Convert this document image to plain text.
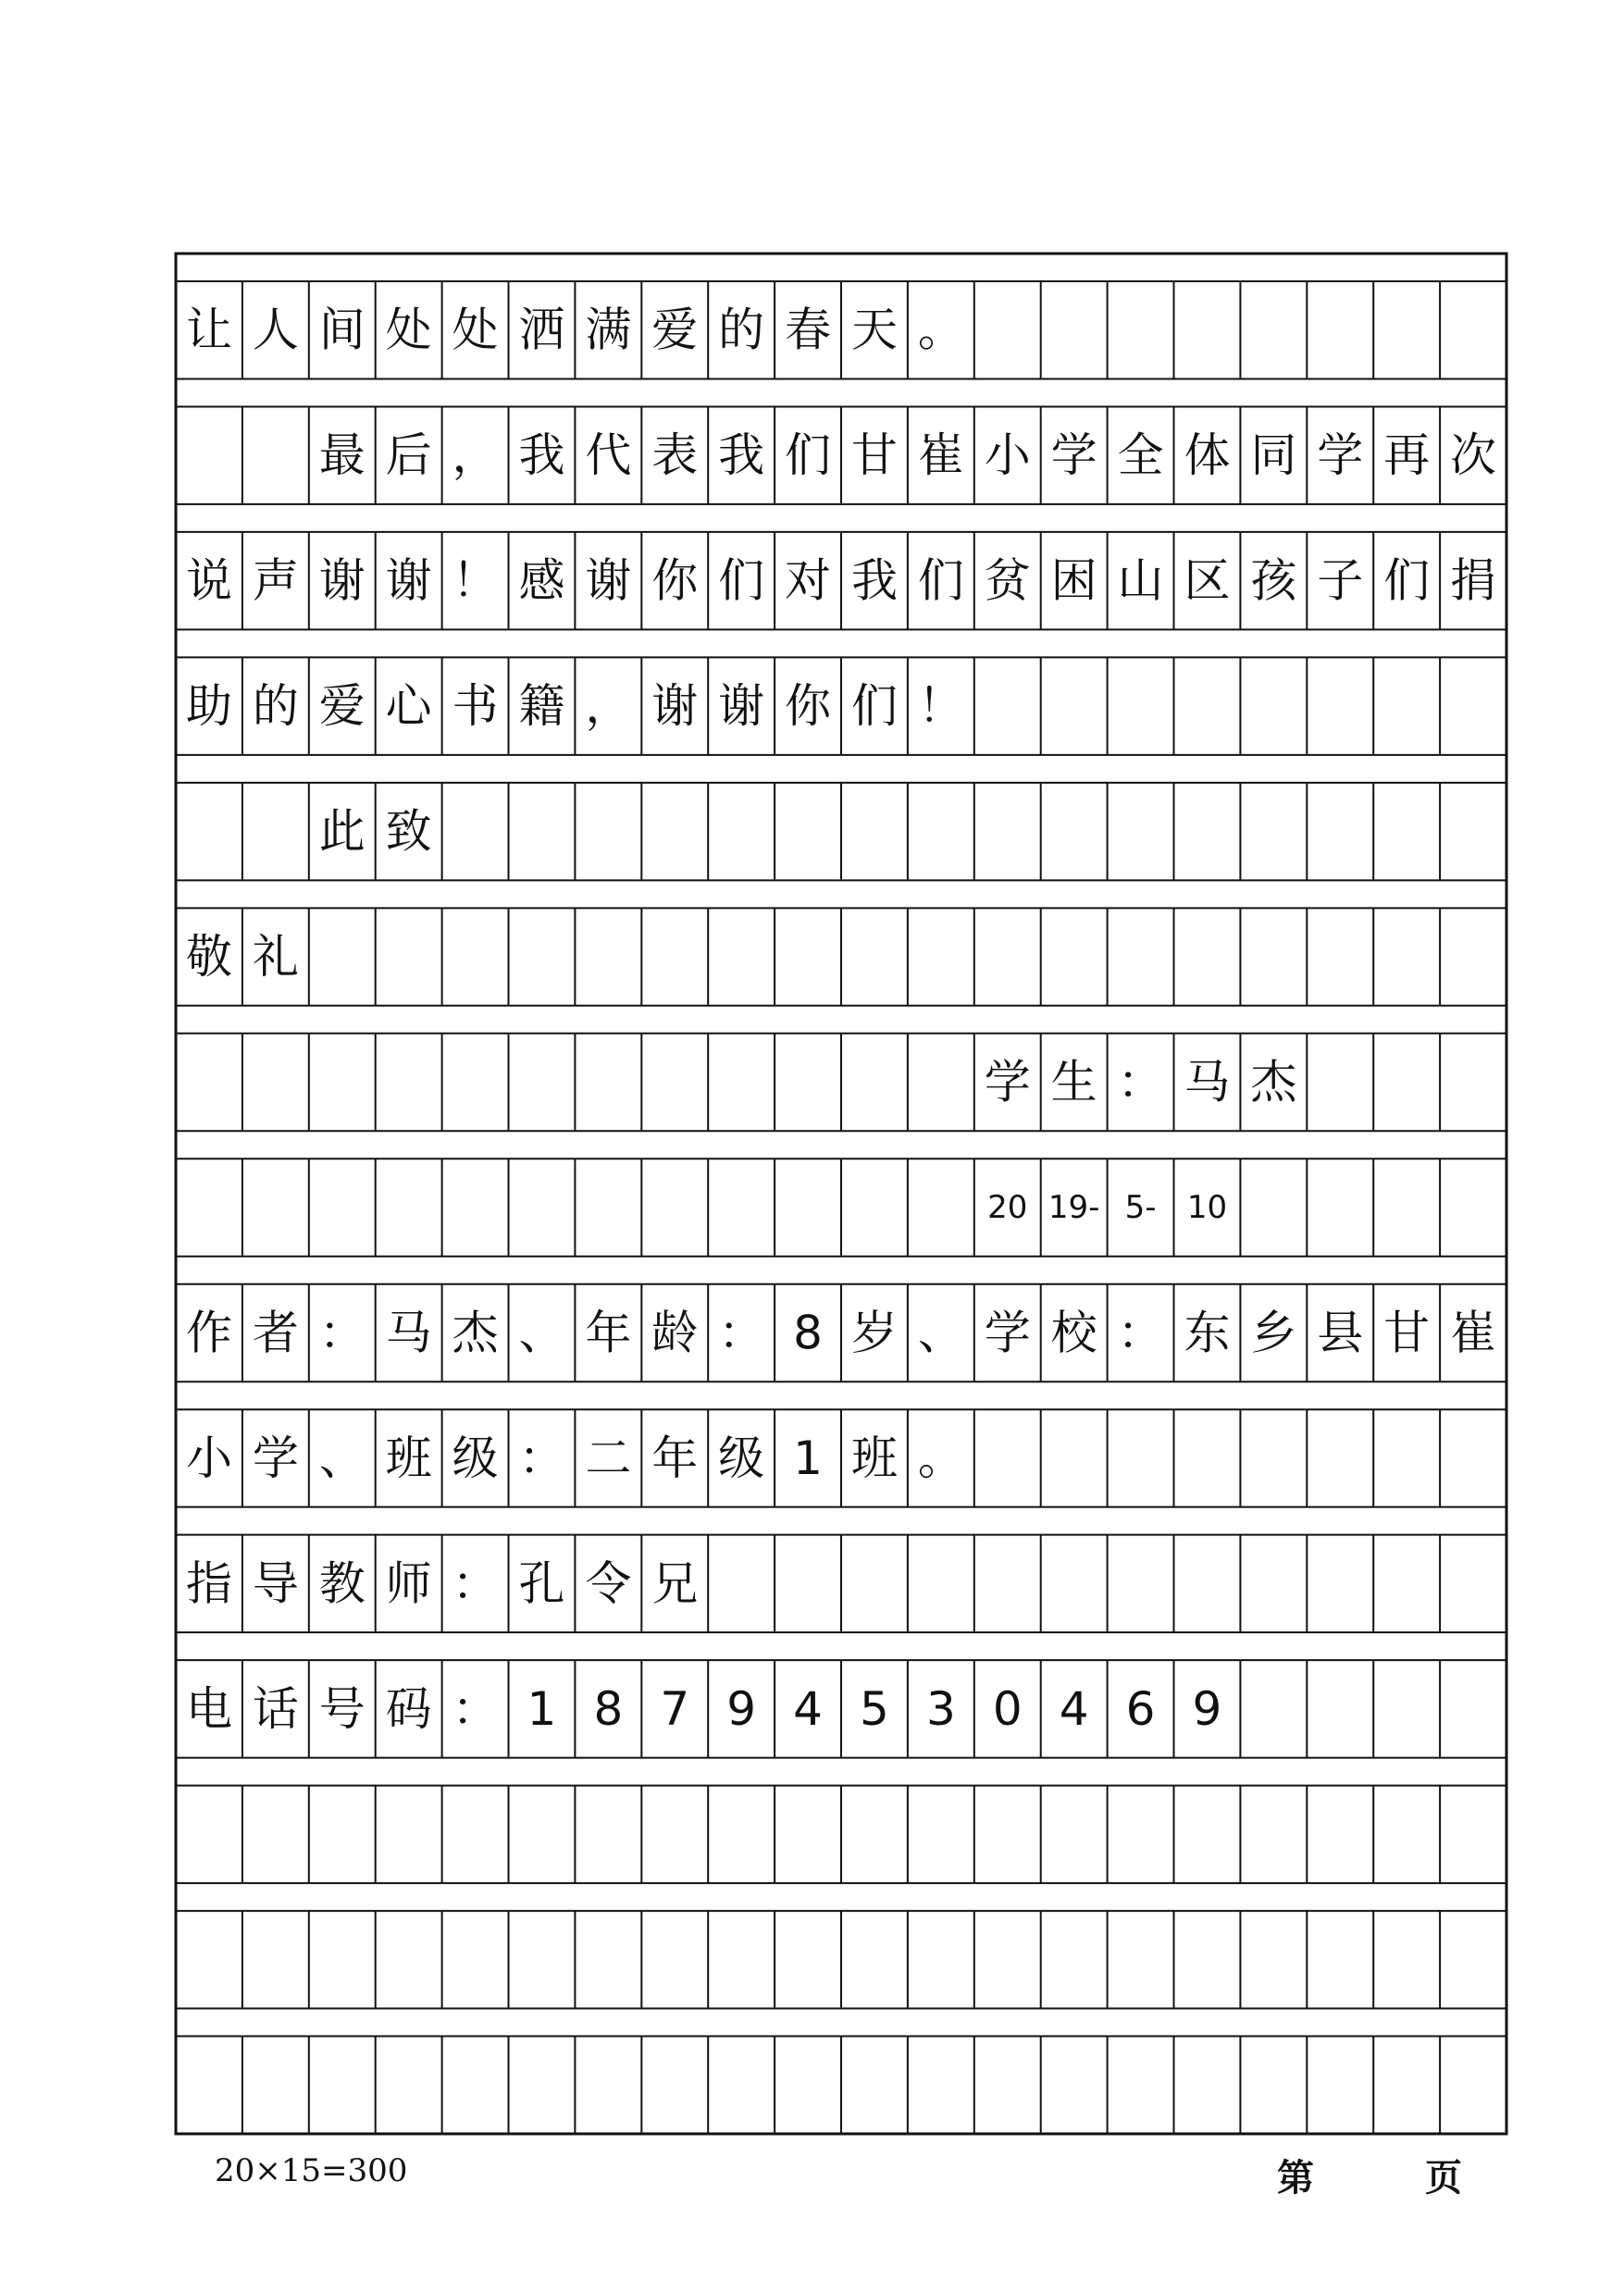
让 人 间 处 处 洒 满 爱 的 春 天 。
最 后 ， 我 代 表 我 们 甘 崔 小 学 全 体 同 学 再 次
说 声 谢 谢 ！ 感 谢 你 们 对 我 们 贫 困 山 区 孩 子 们 捐
助 的 爱 心 书 籍 ， 谢 谢 你 们 ！
此 致
敬 礼
作 者 ： 马 杰 、 年 龄 ： 8 岁 、 学 校 ： 东 乡 县 甘 崔
小 学 、 班 级 ： 二 年 级 1 班 。
指 导 教 师 ： 孔 令 兄
电 话 号 码 ： 1 8 7 9 4 5 3 0 4 6 9
学 生 ： 马 杰
20 19- 5- 10
20×15=300	第	页
